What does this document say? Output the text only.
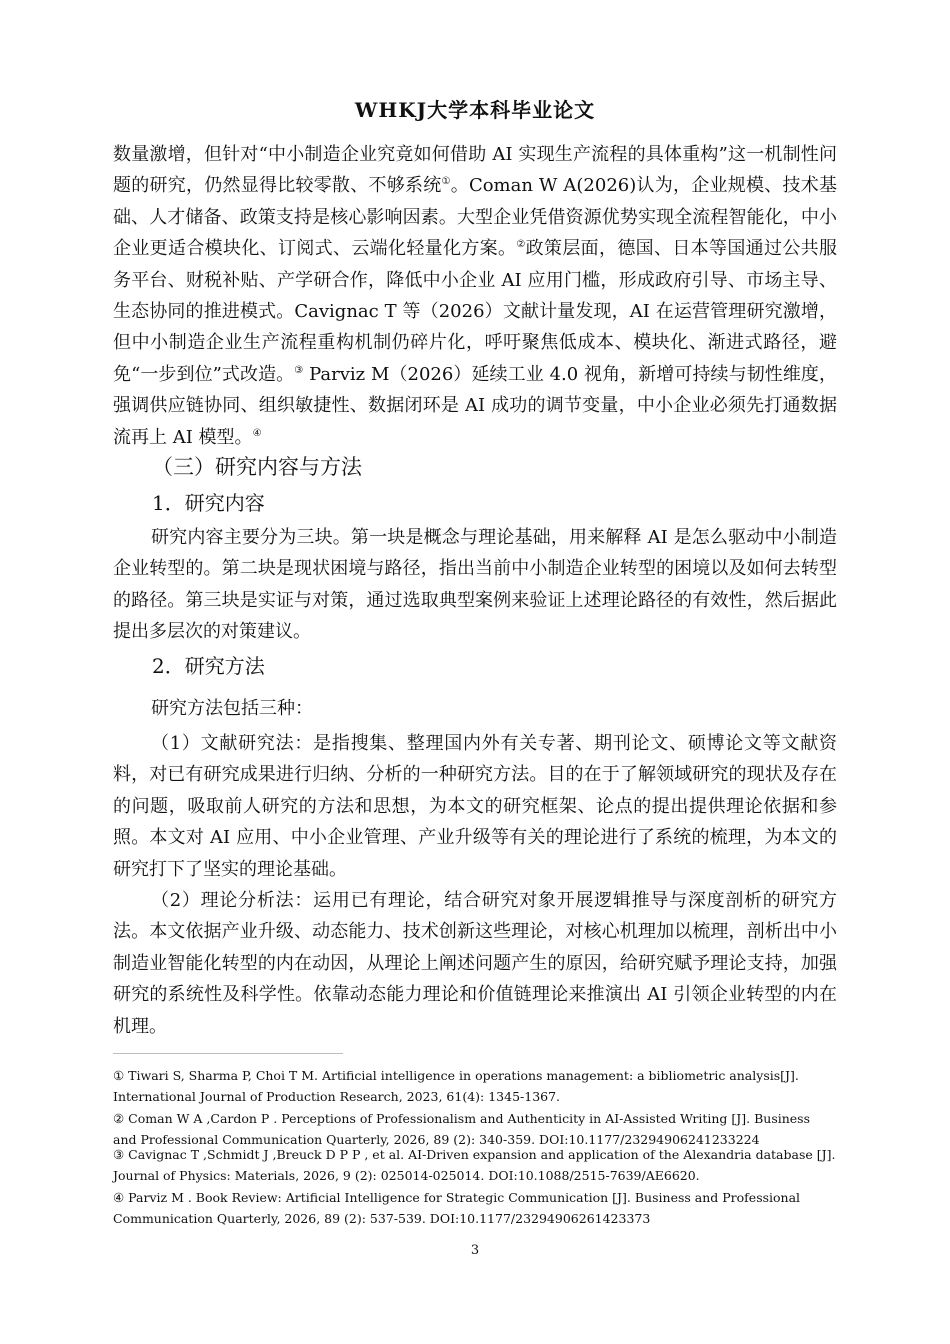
WHKJ大学本科毕业论文

数量激增，但针对“中小制造企业究竟如何借助 AI 实现生产流程的具体重构”这一机制性问题的研究，仍然显得比较零散、不够系统①。Coman W A(2026)认为，企业规模、技术基础、人才储备、政策支持是核心影响因素。大型企业凭借资源优势实现全流程智能化，中小企业更适合模块化、订阅式、云端化轻量化方案。②政策层面，德国、日本等国通过公共服务平台、财税补贴、产学研合作，降低中小企业 AI 应用门槛，形成政府引导、市场主导、生态协同的推进模式。Cavignac T 等（2026）文献计量发现，AI 在运营管理研究激增，但中小制造企业生产流程重构机制仍碎片化，呼吁聚焦低成本、模块化、渐进式路径，避免“一步到位”式改造。③ Parviz M（2026）延续工业 4.0 视角，新增可持续与韧性维度，强调供应链协同、组织敏捷性、数据闭环是 AI 成功的调节变量，中小企业必须先打通数据流再上 AI 模型。④

（三）研究内容与方法
1．研究内容

研究内容主要分为三块。第一块是概念与理论基础，用来解释 AI 是怎么驱动中小制造企业转型的。第二块是现状困境与路径，指出当前中小制造企业转型的困境以及如何去转型的路径。第三块是实证与对策，通过选取典型案例来验证上述理论路径的有效性，然后据此提出多层次的对策建议。

2．研究方法

研究方法包括三种：

（1）文献研究法：是指搜集、整理国内外有关专著、期刊论文、硕博论文等文献资料，对已有研究成果进行归纳、分析的一种研究方法。目的在于了解领域研究的现状及存在的问题，吸取前人研究的方法和思想，为本文的研究框架、论点的提出提供理论依据和参照。本文对 AI 应用、中小企业管理、产业升级等有关的理论进行了系统的梳理，为本文的研究打下了坚实的理论基础。

（2）理论分析法：运用已有理论，结合研究对象开展逻辑推导与深度剖析的研究方法。本文依据产业升级、动态能力、技术创新这些理论，对核心机理加以梳理，剖析出中小制造业智能化转型的内在动因，从理论上阐述问题产生的原因，给研究赋予理论支持，加强研究的系统性及科学性。依靠动态能力理论和价值链理论来推演出 AI 引领企业转型的内在机理。

① Tiwari S, Sharma P, Choi T M. Artificial intelligence in operations management: a bibliometric analysis[J]. International Journal of Production Research, 2023, 61(4): 1345-1367.

② Coman W A ,Cardon P . Perceptions of Professionalism and Authenticity in AI-Assisted Writing [J]. Business and Professional Communication Quarterly, 2026, 89 (2): 340-359. DOI:10.1177/23294906241233224

③ Cavignac T ,Schmidt J ,Breuck D P P , et al. AI-Driven expansion and application of the Alexandria database [J]. Journal of Physics: Materials, 2026, 9 (2): 025014-025014. DOI:10.1088/2515-7639/AE6620.

④ Parviz M . Book Review: Artificial Intelligence for Strategic Communication [J]. Business and Professional Communication Quarterly, 2026, 89 (2): 537-539. DOI:10.1177/23294906261423373

3
